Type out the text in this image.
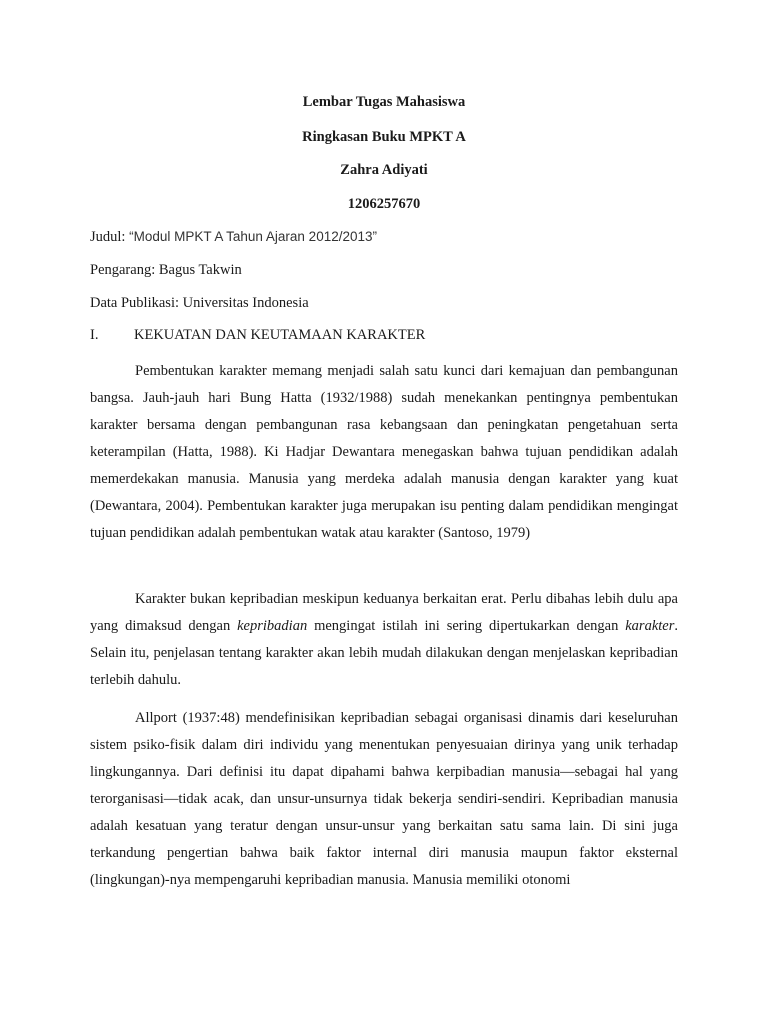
Lembar Tugas Mahasiswa
Ringkasan Buku MPKT A
Zahra Adiyati
1206257670
Judul: “Modul MPKT A Tahun Ajaran 2012/2013”
Pengarang: Bagus Takwin
Data Publikasi: Universitas Indonesia
I. KEKUATAN DAN KEUTAMAAN KARAKTER

Pembentukan karakter memang menjadi salah satu kunci dari kemajuan dan pembangunan bangsa. Jauh-jauh hari Bung Hatta (1932/1988) sudah menekankan pentingnya pembentukan karakter bersama dengan pembangunan rasa kebangsaan dan peningkatan pengetahuan serta keterampilan (Hatta, 1988). Ki Hadjar Dewantara menegaskan bahwa tujuan pendidikan adalah memerdekakan manusia. Manusia yang merdeka adalah manusia dengan karakter yang kuat (Dewantara, 2004). Pembentukan karakter juga merupakan isu penting dalam pendidikan mengingat tujuan pendidikan adalah pembentukan watak atau karakter (Santoso, 1979)

Karakter bukan kepribadian meskipun keduanya berkaitan erat. Perlu dibahas lebih dulu apa yang dimaksud dengan kepribadian mengingat istilah ini sering dipertukarkan dengan karakter. Selain itu, penjelasan tentang karakter akan lebih mudah dilakukan dengan menjelaskan kepribadian terlebih dahulu.

Allport (1937:48) mendefinisikan kepribadian sebagai organisasi dinamis dari keseluruhan sistem psiko-fisik dalam diri individu yang menentukan penyesuaian dirinya yang unik terhadap lingkungannya. Dari definisi itu dapat dipahami bahwa kerpibadian manusia—sebagai hal yang terorganisasi—tidak acak, dan unsur-unsurnya tidak bekerja sendiri-sendiri. Kepribadian manusia adalah kesatuan yang teratur dengan unsur-unsur yang berkaitan satu sama lain. Di sini juga terkandung pengertian bahwa baik faktor internal diri manusia maupun faktor eksternal (lingkungan)-nya mempengaruhi kepribadian manusia. Manusia memiliki otonomi
